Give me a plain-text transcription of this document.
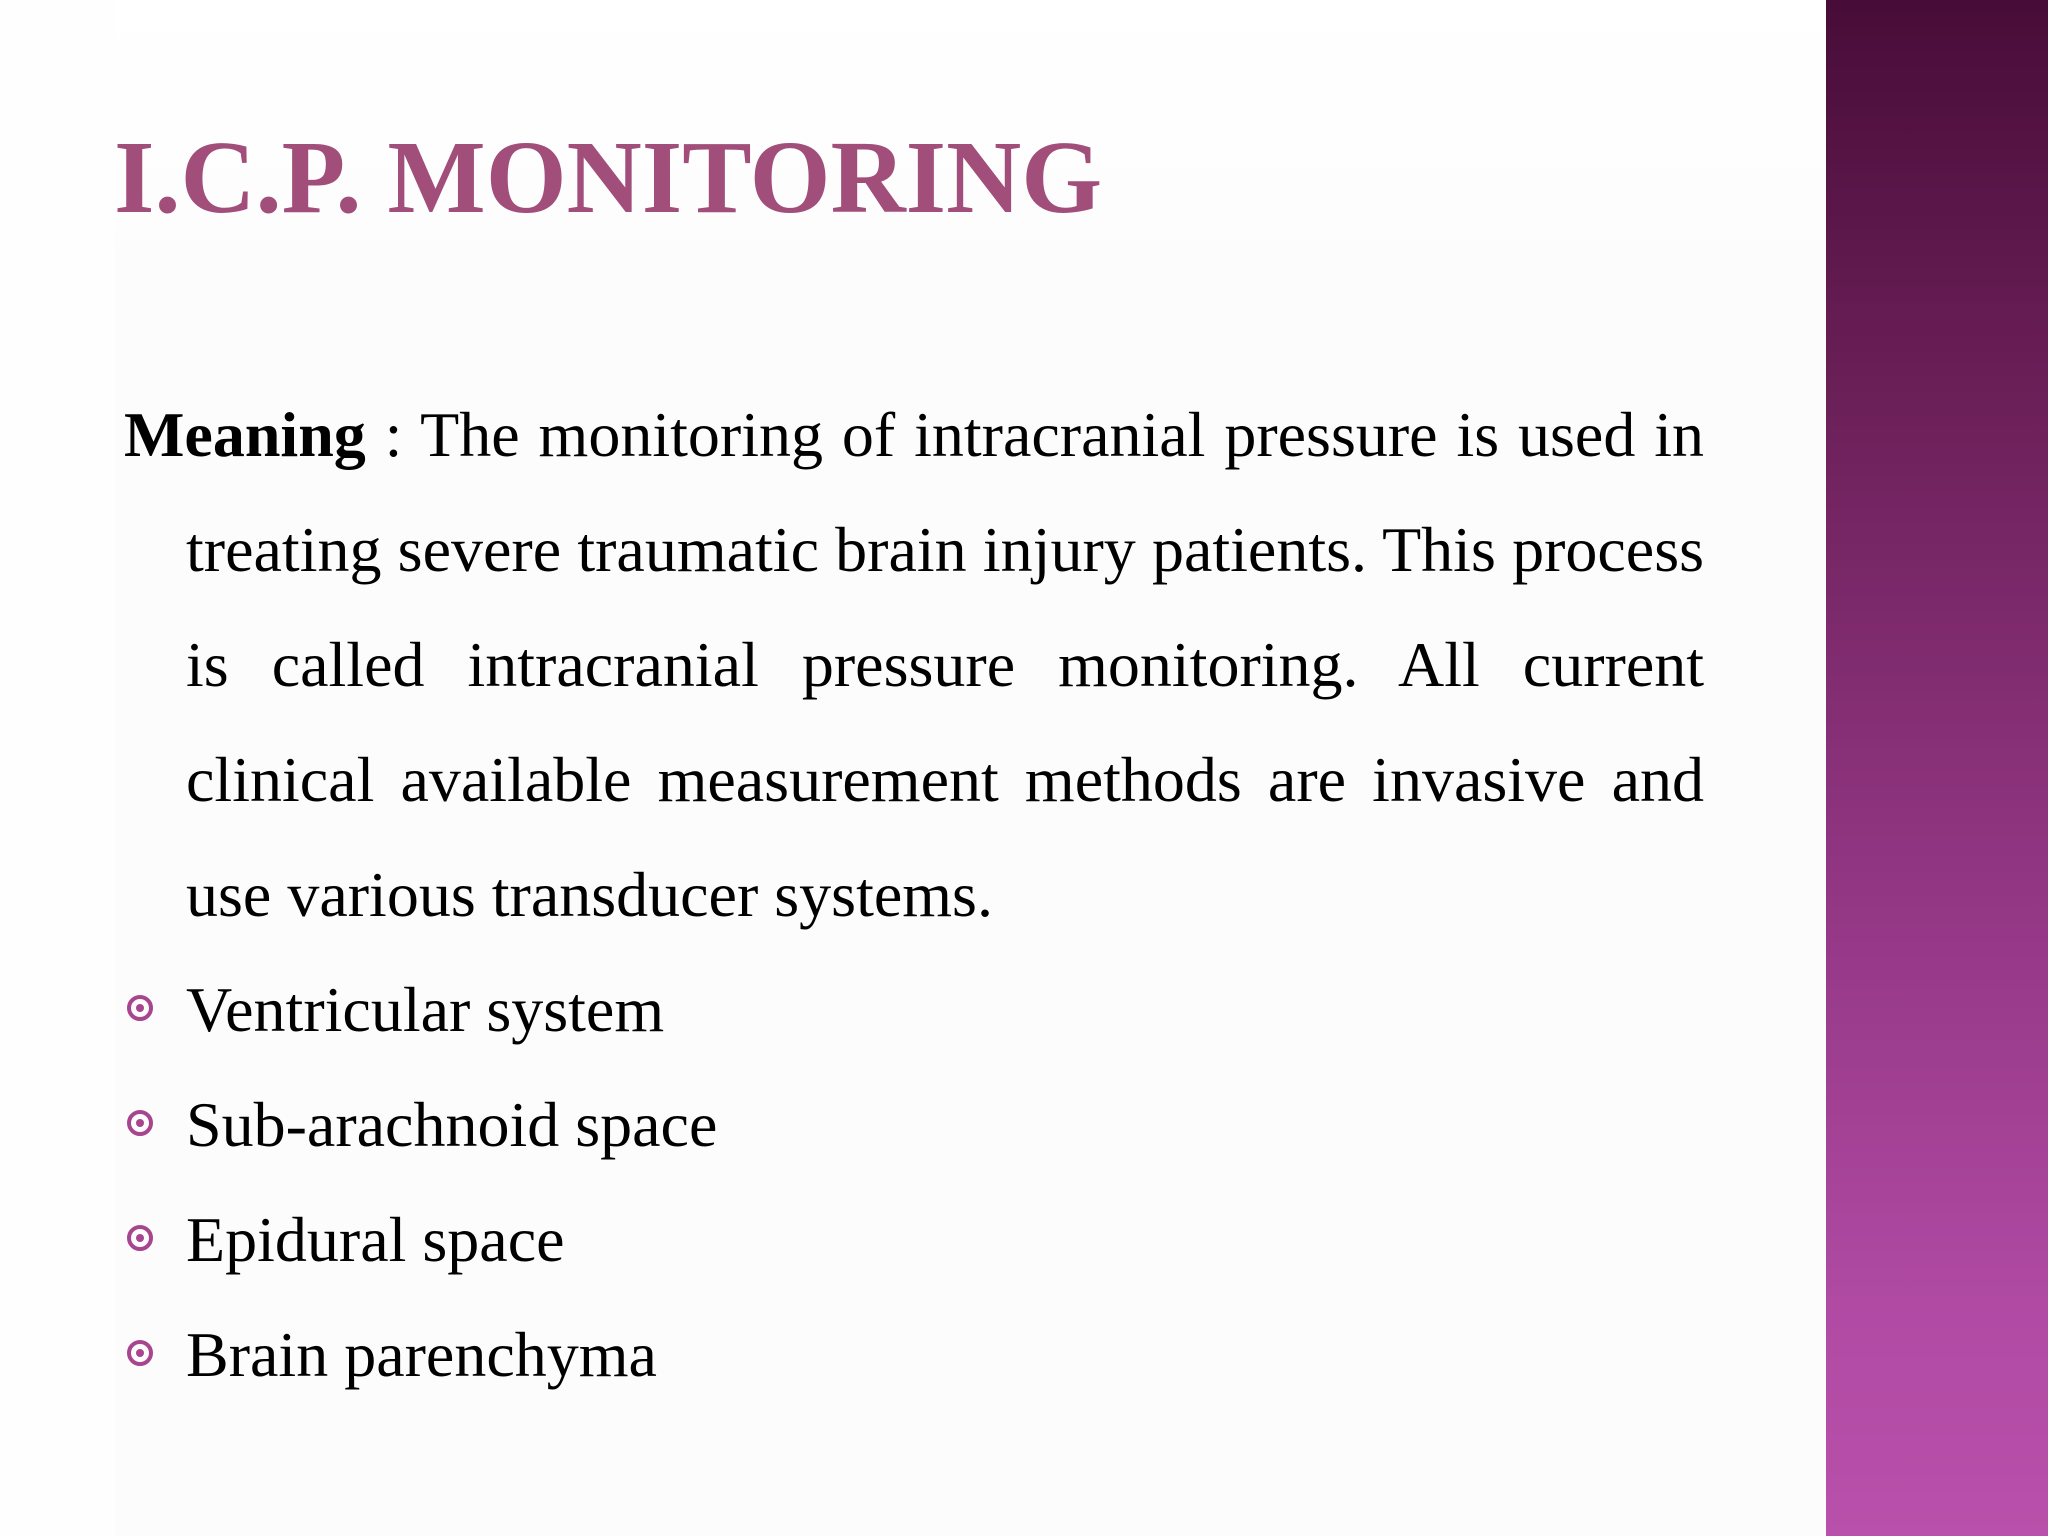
I.C.P. MONITORING

Meaning : The monitoring of intracranial pressure is used in treating severe traumatic brain injury patients. This process is called intracranial pressure monitoring. All current clinical available measurement methods are invasive and use various transducer systems.

Ventricular system
Sub-arachnoid space
Epidural space
Brain parenchyma
